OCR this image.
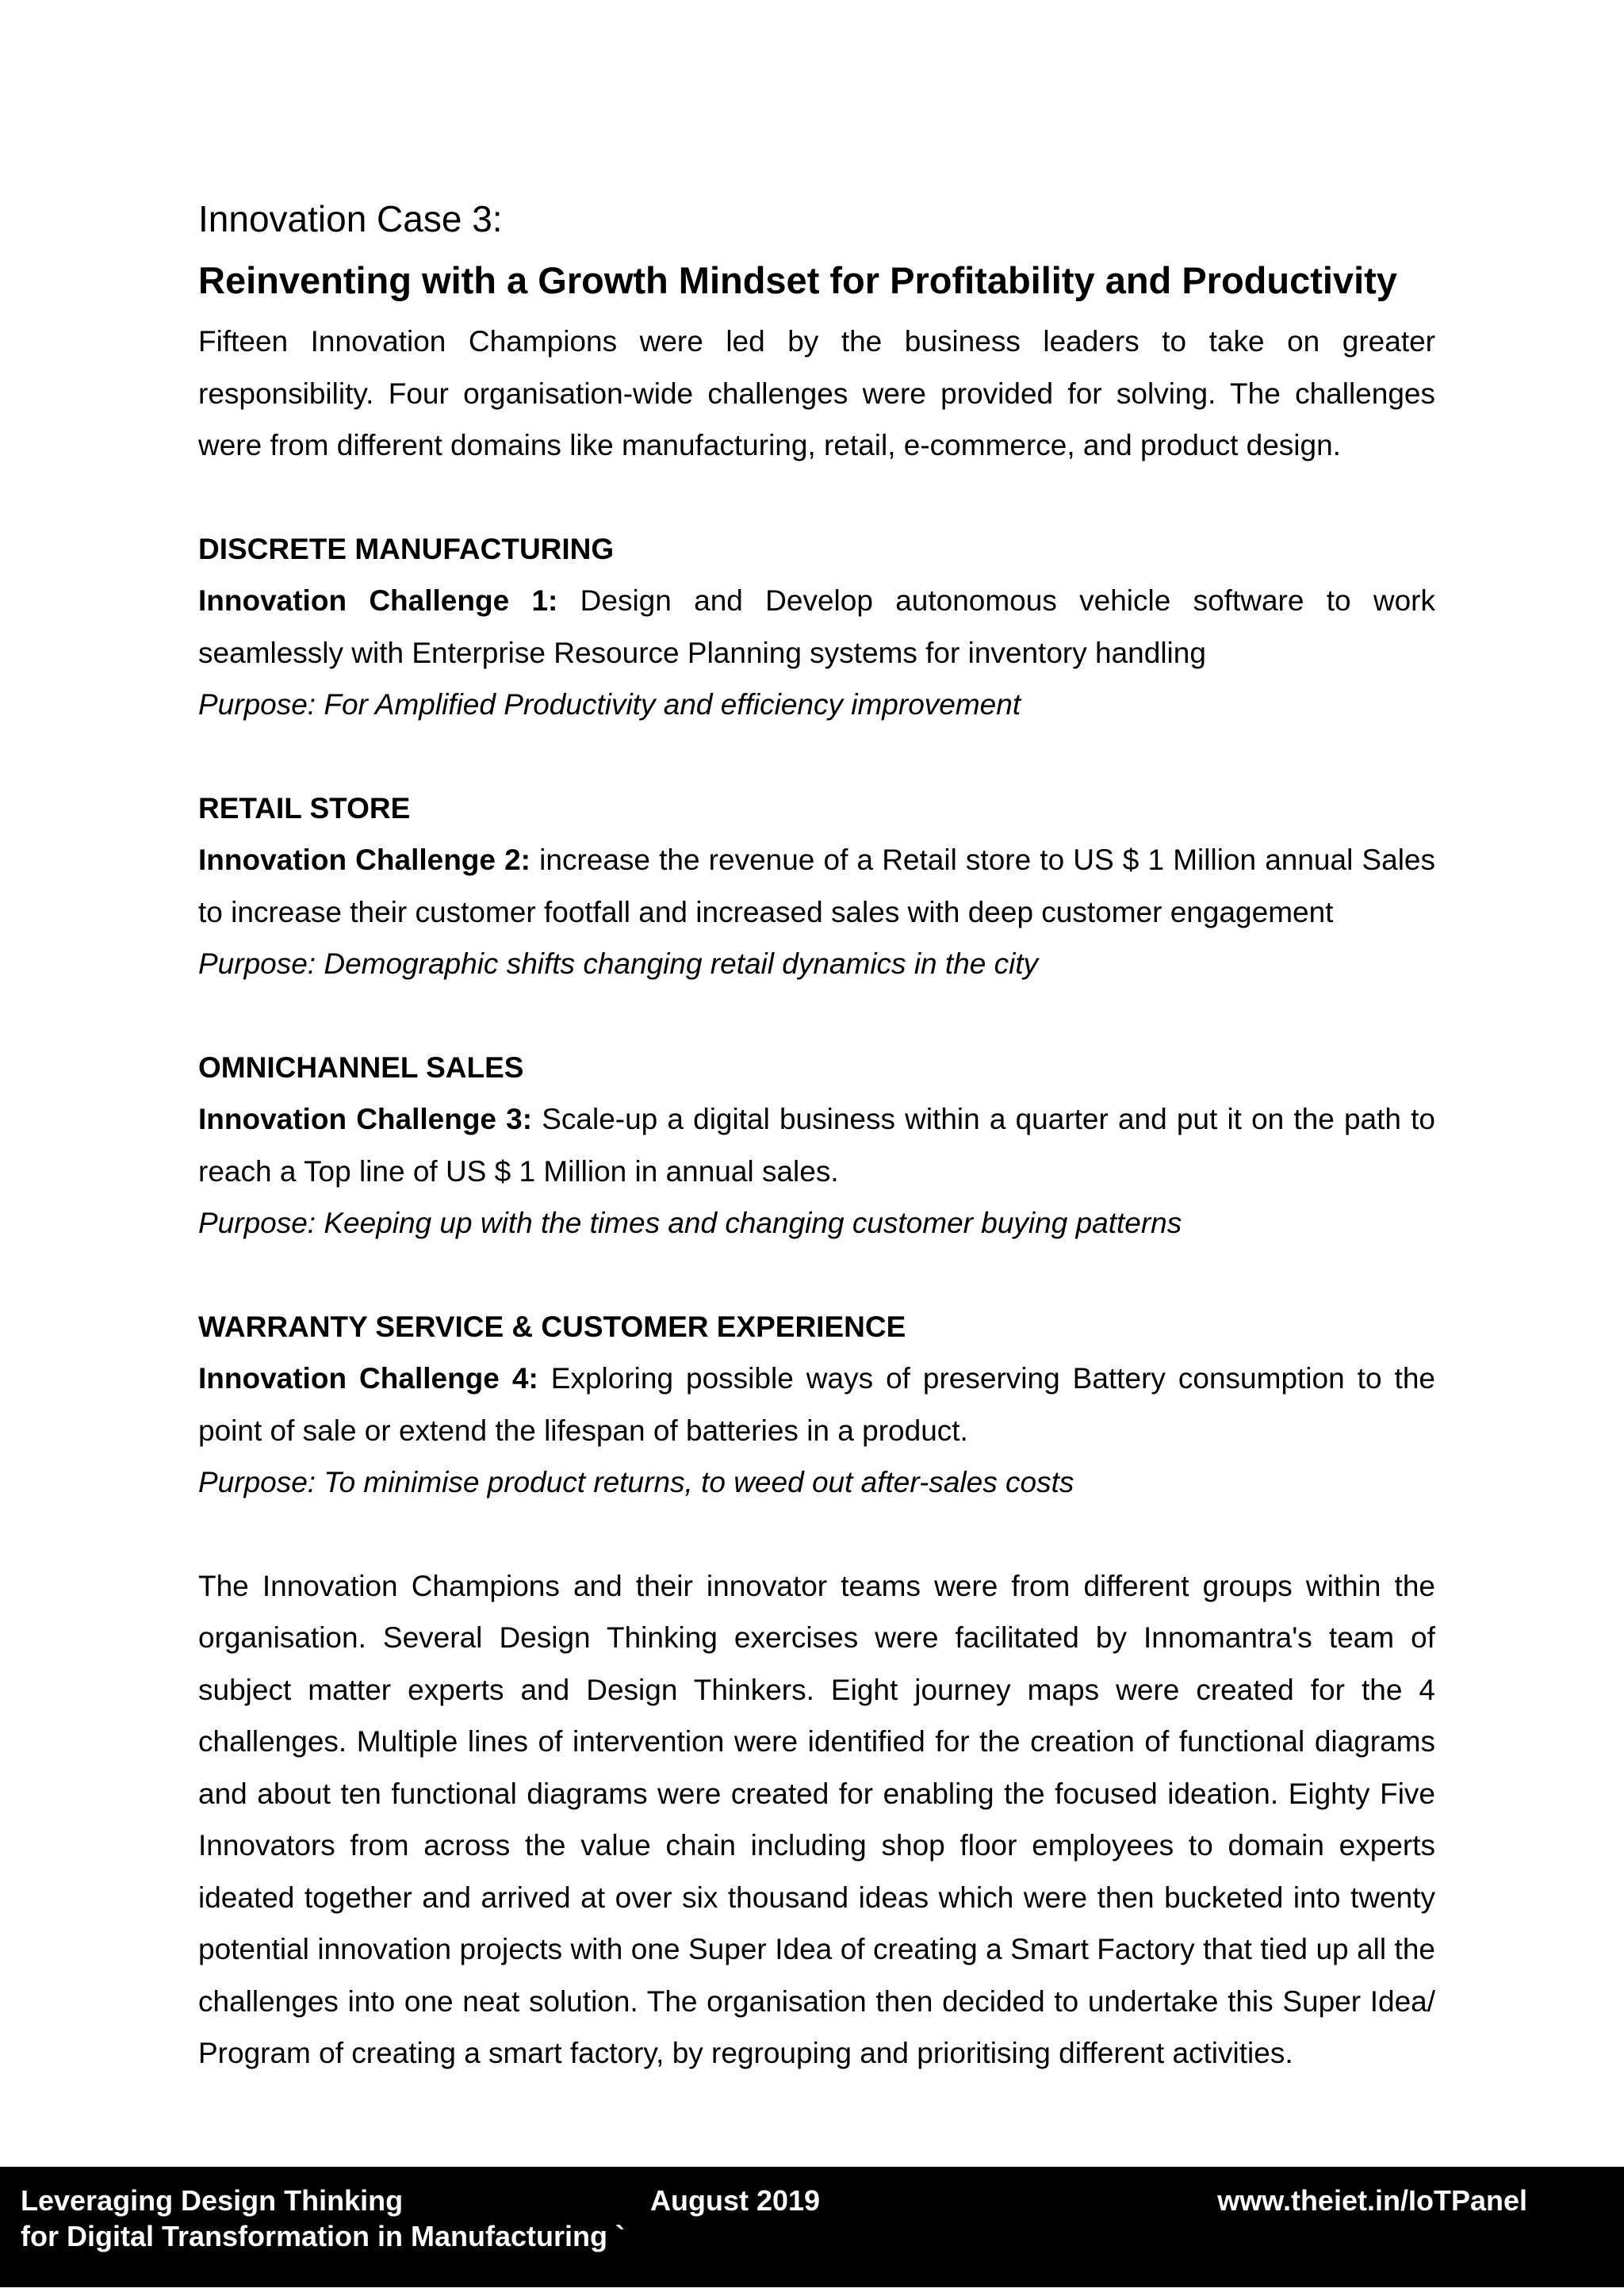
Innovation Case 3:
Reinventing with a Growth Mindset for Profitability and Productivity

Fifteen Innovation Champions were led by the business leaders to take on greater responsibility. Four organisation-wide challenges were provided for solving. The challenges were from different domains like manufacturing, retail, e-commerce, and product design.

DISCRETE MANUFACTURING

Innovation Challenge 1: Design and Develop autonomous vehicle software to work seamlessly with Enterprise Resource Planning systems for inventory handling

Purpose: For Amplified Productivity and efficiency improvement

RETAIL STORE

Innovation Challenge 2: increase the revenue of a Retail store to US $ 1 Million annual Sales to increase their customer footfall and increased sales with deep customer engagement

Purpose: Demographic shifts changing retail dynamics in the city

OMNICHANNEL SALES

Innovation Challenge 3: Scale-up a digital business within a quarter and put it on the path to reach a Top line of US $ 1 Million in annual sales.

Purpose: Keeping up with the times and changing customer buying patterns

WARRANTY SERVICE & CUSTOMER EXPERIENCE

Innovation Challenge 4: Exploring possible ways of preserving Battery consumption to the point of sale or extend the lifespan of batteries in a product.

Purpose: To minimise product returns, to weed out after-sales costs

The Innovation Champions and their innovator teams were from different groups within the organisation. Several Design Thinking exercises were facilitated by Innomantra's team of subject matter experts and Design Thinkers. Eight journey maps were created for the 4 challenges. Multiple lines of intervention were identified for the creation of functional diagrams and about ten functional diagrams were created for enabling the focused ideation. Eighty Five Innovators from across the value chain including shop floor employees to domain experts ideated together and arrived at over six thousand ideas which were then bucketed into twenty potential innovation projects with one Super Idea of creating a Smart Factory that tied up all the challenges into one neat solution. The organisation then decided to undertake this Super Idea/ Program of creating a smart factory, by regrouping and prioritising different activities.

Leveraging Design Thinking
for Digital Transformation in Manufacturing `
August 2019	www.theiet.in/IoTPanel
